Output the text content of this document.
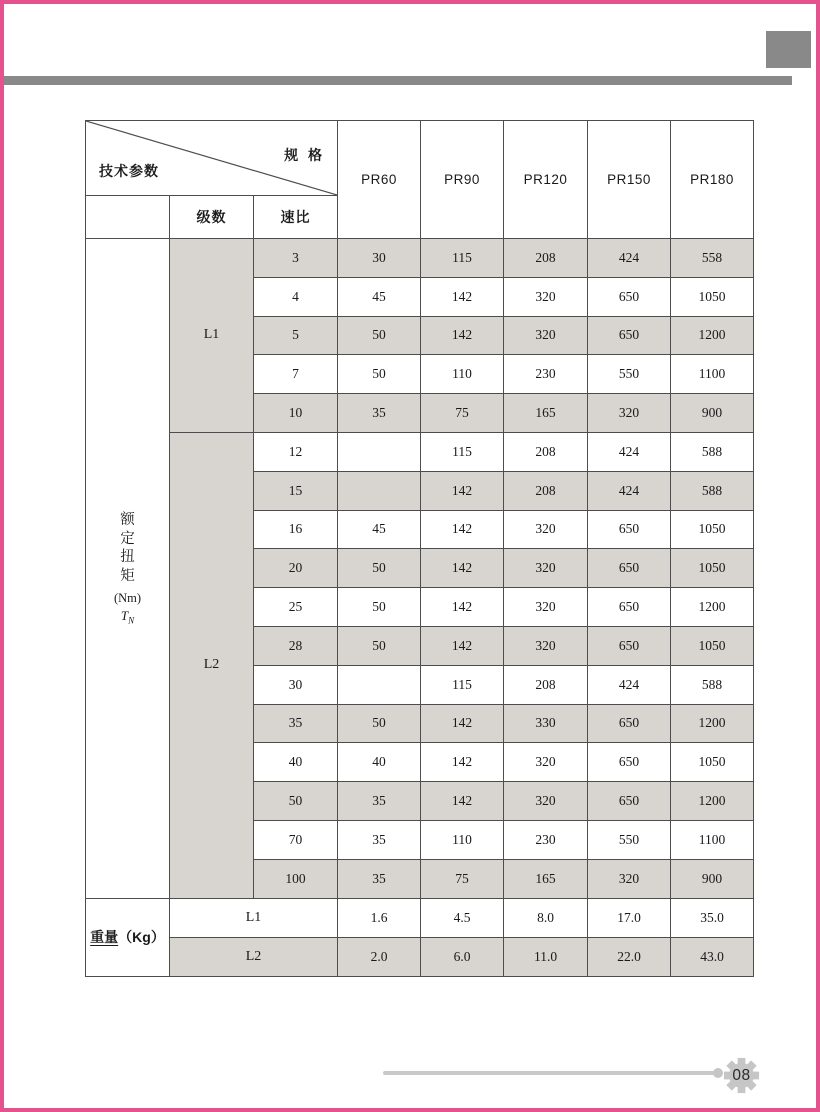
规 格
技术参数			PR60	PR90	PR120	PR150	PR180
	级数	速比					

额定扭矩
(Nm)
$T_N$	L1	3	30	115	208	424	558
		4	45	142	320	650	1050
		5	50	142	320	650	1200
		7	50	110	230	550	1100
		10	35	75	165	320	900
	L2	12		115	208	424	588
		15		142	208	424	588
		16	45	142	320	650	1050
		20	50	142	320	650	1050
		25	50	142	320	650	1200
		28	50	142	320	650	1050
		30		115	208	424	588
		35	50	142	330	650	1200
		40	40	142	320	650	1050
		50	35	142	320	650	1200
		70	35	110	230	550	1100
		100	35	75	165	320	900
重量（Kg）	L1		1.6	4.5	8.0	17.0	35.0
	L2		2.0	6.0	11.0	22.0	43.0
08
